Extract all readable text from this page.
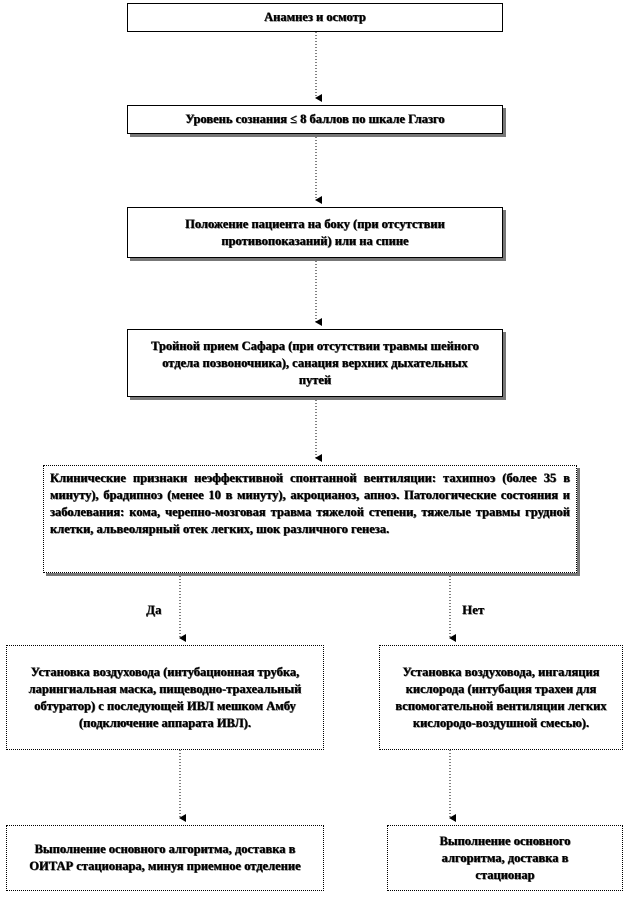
Анамнез и осмотр
Уровень сознания ≤ 8 баллов по шкале Глазго
Положение пациента на боку (при отсутствии противопоказаний) или на спине
Тройной прием Сафара (при отсутствии травмы шейного отдела позвоночника), санация верхних дыхательных путей
Клинические признаки неэффективной спонтанной вентиляции: тахипноэ (более 35 в минуту), брадипноэ (менее 10 в минуту), акроцианоз, апноэ. Патологические состояния и заболевания: кома, черепно-мозговая травма тяжелой степени, тяжелые травмы грудной клетки, альвеолярный отек легких, шок различного генеза.
Да	Нет
Установка воздуховода (интубационная трубка, ларингиальная маска, пищеводно-трахеальный обтуратор) с последующей ИВЛ мешком Амбу (подключение аппарата ИВЛ).
Установка воздуховода, ингаляция кислорода (интубация трахеи для вспомогательной вентиляции легких кислородо-воздушной смесью).
Выполнение основного алгоритма, доставка в ОИТАР стационара, минуя приемное отделение
Выполнение основного алгоритма, доставка в стационар
